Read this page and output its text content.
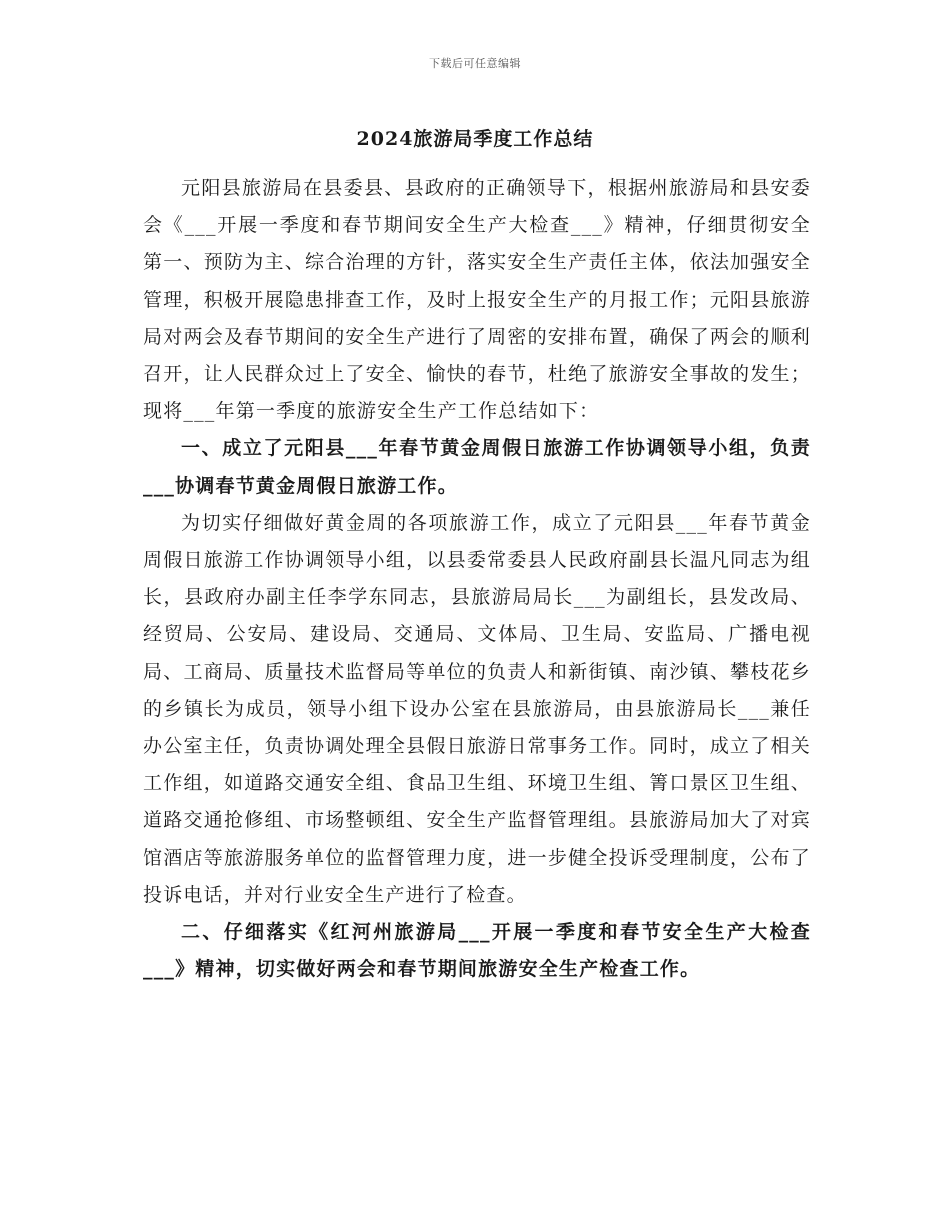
下载后可任意编辑
2024旅游局季度工作总结

元阳县旅游局在县委县、县政府的正确领导下，根据州旅游局和县安委会《___开展一季度和春节期间安全生产大检查___》精神，仔细贯彻安全第一、预防为主、综合治理的方针，落实安全生产责任主体，依法加强安全管理，积极开展隐患排查工作，及时上报安全生产的月报工作；元阳县旅游局对两会及春节期间的安全生产进行了周密的安排布置，确保了两会的顺利召开，让人民群众过上了安全、愉快的春节，杜绝了旅游安全事故的发生；现将___年第一季度的旅游安全生产工作总结如下：

一、成立了元阳县___年春节黄金周假日旅游工作协调领导小组，负责___协调春节黄金周假日旅游工作。

为切实仔细做好黄金周的各项旅游工作，成立了元阳县___年春节黄金周假日旅游工作协调领导小组，以县委常委县人民政府副县长温凡同志为组长，县政府办副主任李学东同志，县旅游局局长___为副组长，县发改局、经贸局、公安局、建设局、交通局、文体局、卫生局、安监局、广播电视局、工商局、质量技术监督局等单位的负责人和新街镇、南沙镇、攀枝花乡的乡镇长为成员，领导小组下设办公室在县旅游局，由县旅游局长___兼任办公室主任，负责协调处理全县假日旅游日常事务工作。同时，成立了相关工作组，如道路交通安全组、食品卫生组、环境卫生组、箐口景区卫生组、道路交通抢修组、市场整顿组、安全生产监督管理组。县旅游局加大了对宾馆酒店等旅游服务单位的监督管理力度，进一步健全投诉受理制度，公布了投诉电话，并对行业安全生产进行了检查。

二、仔细落实《红河州旅游局___开展一季度和春节安全生产大检查___》精神，切实做好两会和春节期间旅游安全生产检查工作。
